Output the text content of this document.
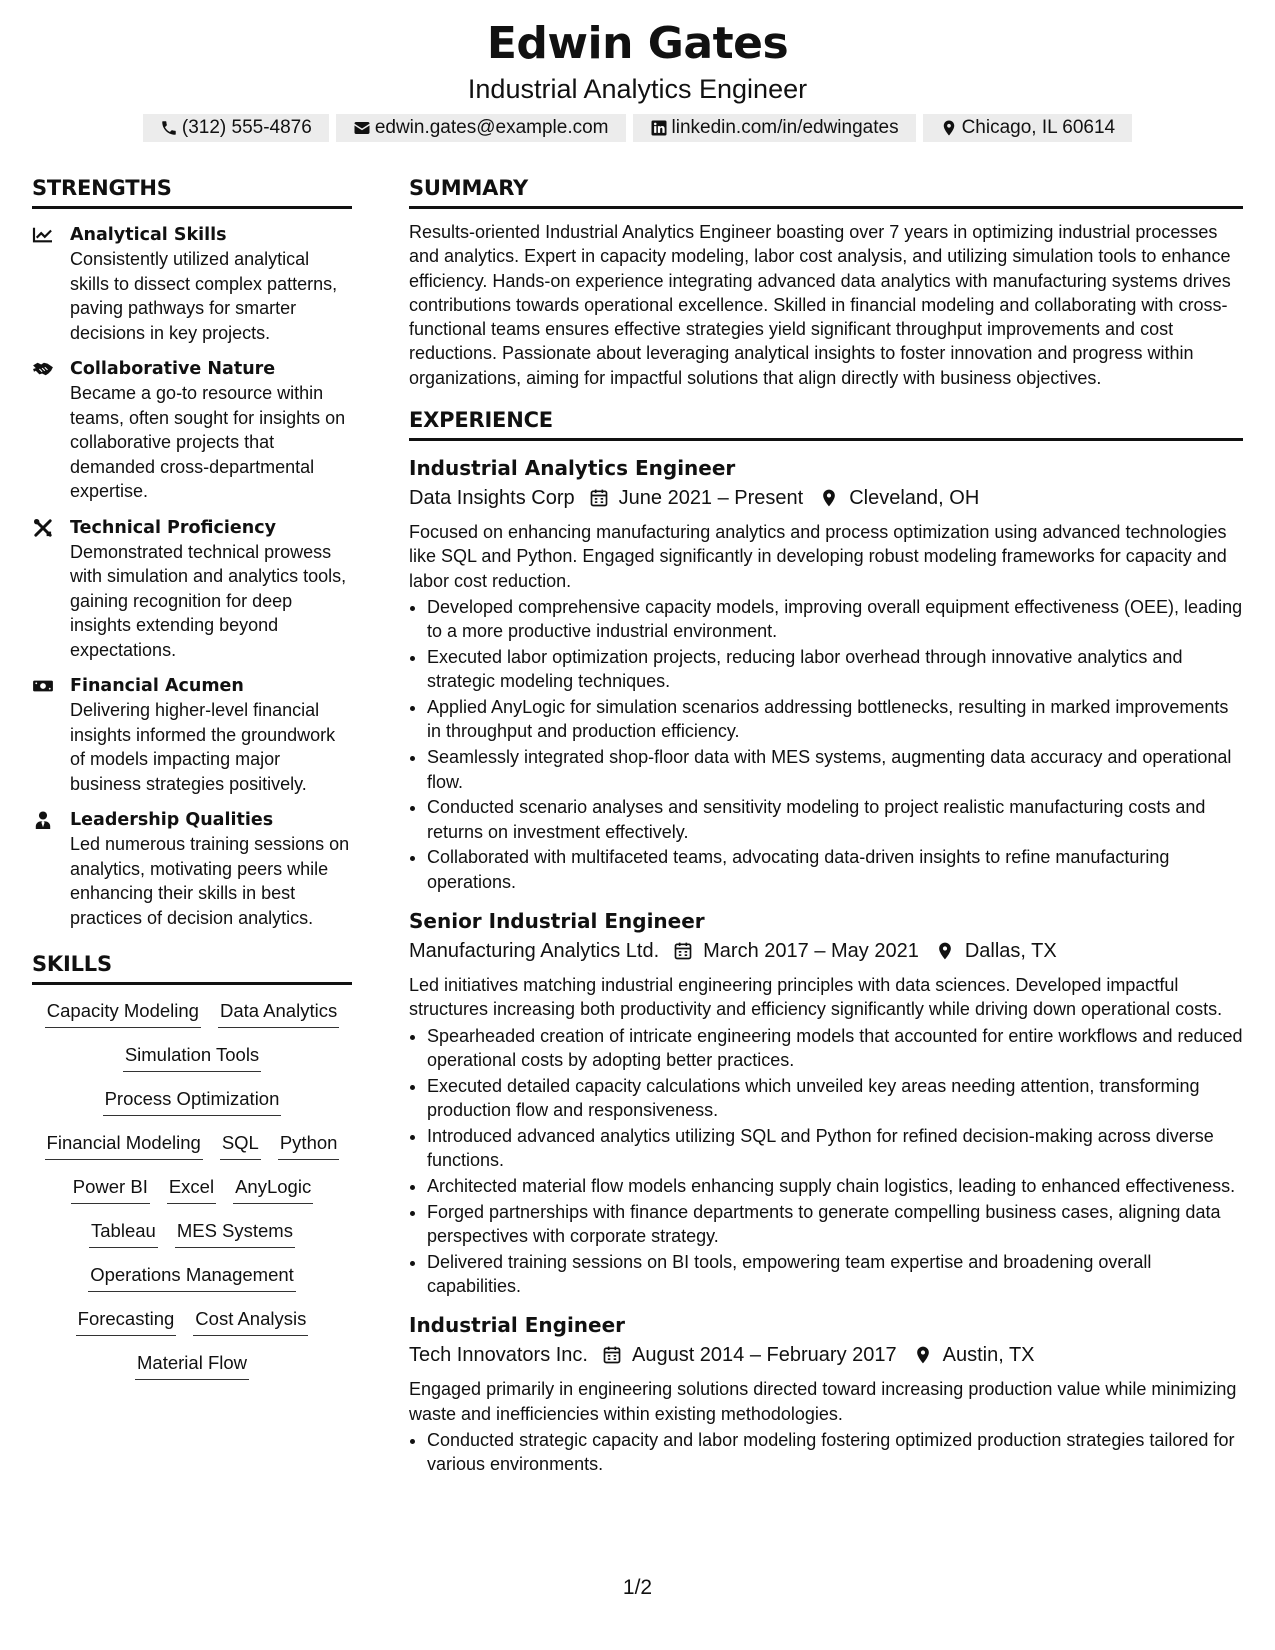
Edwin Gates
Industrial Analytics Engineer
(312) 555-4876	edwin.gates@example.com	linkedin.com/in/edwingates	Chicago, IL 60614
STRENGTHS
Analytical Skills
Consistently utilized analytical skills to dissect complex patterns, paving pathways for smarter decisions in key projects.
Collaborative Nature
Became a go-to resource within teams, often sought for insights on collaborative projects that demanded cross-departmental expertise.
Technical Proficiency
Demonstrated technical prowess with simulation and analytics tools, gaining recognition for deep insights extending beyond expectations.
Financial Acumen
Delivering higher-level financial insights informed the groundwork of models impacting major business strategies positively.
Leadership Qualities
Led numerous training sessions on analytics, motivating peers while enhancing their skills in best practices of decision analytics.
SKILLS
Capacity Modeling Data Analytics
Simulation Tools
Process Optimization
Financial Modeling SQL Python
Power BI Excel AnyLogic
Tableau MES Systems
Operations Management
Forecasting Cost Analysis
Material Flow
SUMMARY
Results-oriented Industrial Analytics Engineer boasting over 7 years in optimizing industrial processes and analytics. Expert in capacity modeling, labor cost analysis, and utilizing simulation tools to enhance efficiency. Hands-on experience integrating advanced data analytics with manufacturing systems drives contributions towards operational excellence. Skilled in financial modeling and collaborating with cross-functional teams ensures effective strategies yield significant throughput improvements and cost reductions. Passionate about leveraging analytical insights to foster innovation and progress within organizations, aiming for impactful solutions that align directly with business objectives.
EXPERIENCE
Industrial Analytics Engineer
Data Insights Corp June 2021 – Present Cleveland, OH
Focused on enhancing manufacturing analytics and process optimization using advanced technologies like SQL and Python. Engaged significantly in developing robust modeling frameworks for capacity and labor cost reduction.
• Developed comprehensive capacity models, improving overall equipment effectiveness (OEE), leading to a more productive industrial environment.
• Executed labor optimization projects, reducing labor overhead through innovative analytics and strategic modeling techniques.
• Applied AnyLogic for simulation scenarios addressing bottlenecks, resulting in marked improvements in throughput and production efficiency.
• Seamlessly integrated shop-floor data with MES systems, augmenting data accuracy and operational flow.
• Conducted scenario analyses and sensitivity modeling to project realistic manufacturing costs and returns on investment effectively.
• Collaborated with multifaceted teams, advocating data-driven insights to refine manufacturing operations.
Senior Industrial Engineer
Manufacturing Analytics Ltd. March 2017 – May 2021 Dallas, TX
Led initiatives matching industrial engineering principles with data sciences. Developed impactful structures increasing both productivity and efficiency significantly while driving down operational costs.
• Spearheaded creation of intricate engineering models that accounted for entire workflows and reduced operational costs by adopting better practices.
• Executed detailed capacity calculations which unveiled key areas needing attention, transforming production flow and responsiveness.
• Introduced advanced analytics utilizing SQL and Python for refined decision-making across diverse functions.
• Architected material flow models enhancing supply chain logistics, leading to enhanced effectiveness.
• Forged partnerships with finance departments to generate compelling business cases, aligning data perspectives with corporate strategy.
• Delivered training sessions on BI tools, empowering team expertise and broadening overall capabilities.
Industrial Engineer
Tech Innovators Inc. August 2014 – February 2017 Austin, TX
Engaged primarily in engineering solutions directed toward increasing production value while minimizing waste and inefficiencies within existing methodologies.
• Conducted strategic capacity and labor modeling fostering optimized production strategies tailored for various environments.
1/2
